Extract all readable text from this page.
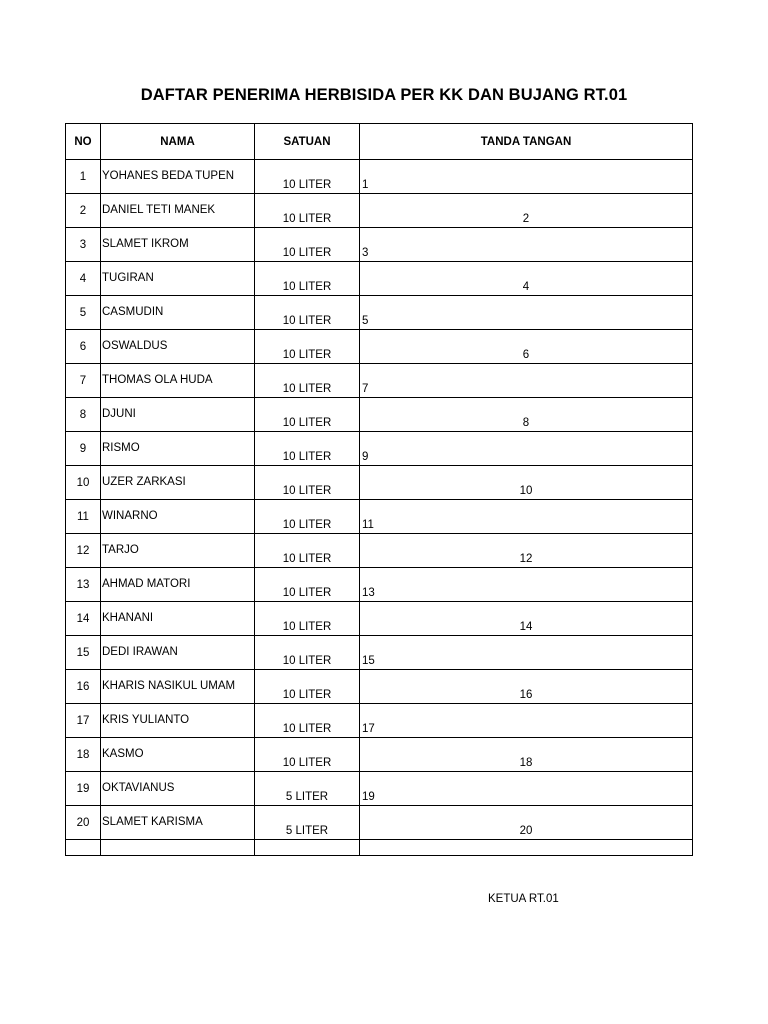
DAFTAR PENERIMA HERBISIDA PER KK DAN BUJANG RT.01
NO	NAMA	SATUAN	TANDA TANGAN
1	YOHANES BEDA TUPEN	10 LITER	1
2	DANIEL TETI MANEK	10 LITER	2
3	SLAMET IKROM	10 LITER	3
4	TUGIRAN	10 LITER	4
5	CASMUDIN	10 LITER	5
6	OSWALDUS	10 LITER	6
7	THOMAS OLA HUDA	10 LITER	7
8	DJUNI	10 LITER	8
9	RISMO	10 LITER	9
10	UZER ZARKASI	10 LITER	10
11	WINARNO	10 LITER	11
12	TARJO	10 LITER	12
13	AHMAD MATORI	10 LITER	13
14	KHANANI	10 LITER	14
15	DEDI IRAWAN	10 LITER	15
16	KHARIS NASIKUL UMAM	10 LITER	16
17	KRIS YULIANTO	10 LITER	17
18	KASMO	10 LITER	18
19	OKTAVIANUS	5 LITER	19
20	SLAMET KARISMA	5 LITER	20

KETUA RT.01
